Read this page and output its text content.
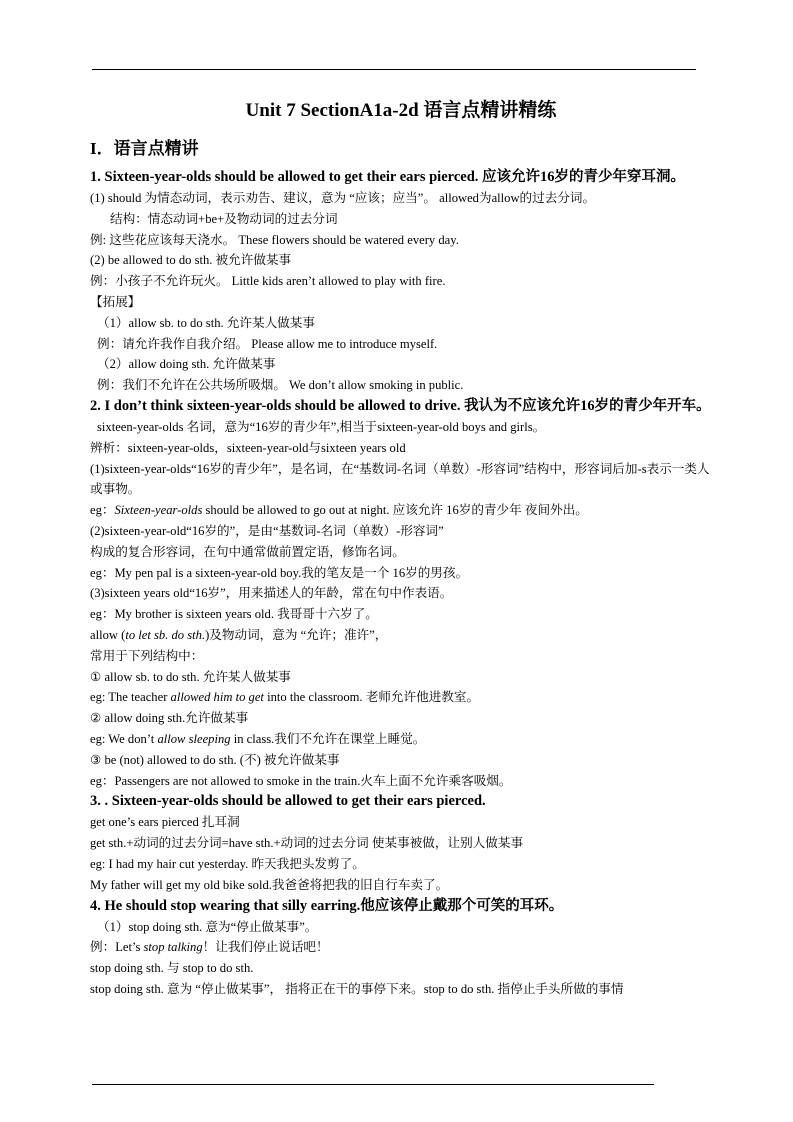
Unit 7 SectionA1a-2d 语言点精讲精练
I．语言点精讲
1. Sixteen-year-olds should be allowed to get their ears pierced. 应该允许16岁的青少年穿耳洞。
(1) should 为情态动词，表示劝告、建议，意为 “应该；应当”。 allowed为allow的过去分词。
结构：情态动词+be+及物动词的过去分词
例: 这些花应该每天浇水。 These flowers should be watered every day.
(2) be allowed to do sth. 被允许做某事
例：小孩子不允许玩火。 Little kids aren’t allowed to play with fire.
【拓展】
（1）allow sb. to do sth. 允许某人做某事
例：请允许我作自我介绍。 Please allow me to introduce myself.
（2）allow doing sth. 允许做某事
例：我们不允许在公共场所吸烟。 We don’t allow smoking in public.
2. I don’t think sixteen-year-olds should be allowed to drive. 我认为不应该允许16岁的青少年开车。
sixteen-year-olds 名词，意为“16岁的青少年”,相当于sixteen-year-old boys and girls。
辨析：sixteen-year-olds，sixteen-year-old与sixteen years old
(1)sixteen-year-olds“16岁的青少年”，是名词，在“基数词-名词（单数）-形容词”结构中，形容词后加-s表示一类人或事物。
eg：Sixteen-year-olds should be allowed to go out at night. 应该允许 16岁的青少年 夜间外出。
(2)sixteen-year-old“16岁的”，是由“基数词-名词（单数）-形容词”
构成的复合形容词，在句中通常做前置定语，修饰名词。
eg：My pen pal is a sixteen-year-old boy.我的笔友是一个 16岁的男孩。
(3)sixteen years old“16岁”，用来描述人的年龄，常在句中作表语。
eg：My brother is sixteen years old. 我哥哥十六岁了。
allow (to let sb. do sth.)及物动词，意为 “允许；准许”，
常用于下列结构中：
① allow sb. to do sth. 允许某人做某事
eg: The teacher allowed him to get into the classroom. 老师允许他进教室。
② allow doing sth.允许做某事
eg: We don’t allow sleeping in class.我们不允许在课堂上睡觉。
③ be (not) allowed to do sth. (不) 被允许做某事
eg：Passengers are not allowed to smoke in the train.火车上面不允许乘客吸烟。
3. . Sixteen-year-olds should be allowed to get their ears pierced.
get one’s ears pierced 扎耳洞
get sth.+动词的过去分词=have sth.+动词的过去分词 使某事被做，让别人做某事
eg: I had my hair cut yesterday. 昨天我把头发剪了。
My father will get my old bike sold.我爸爸将把我的旧自行车卖了。
4. He should stop wearing that silly earring.他应该停止戴那个可笑的耳环。
（1）stop doing sth. 意为“停止做某事”。
例：Let’s stop talking！让我们停止说话吧！
stop doing sth. 与 stop to do sth.
stop doing sth. 意为 “停止做某事”， 指将正在干的事停下来。stop to do sth. 指停止手头所做的事情
